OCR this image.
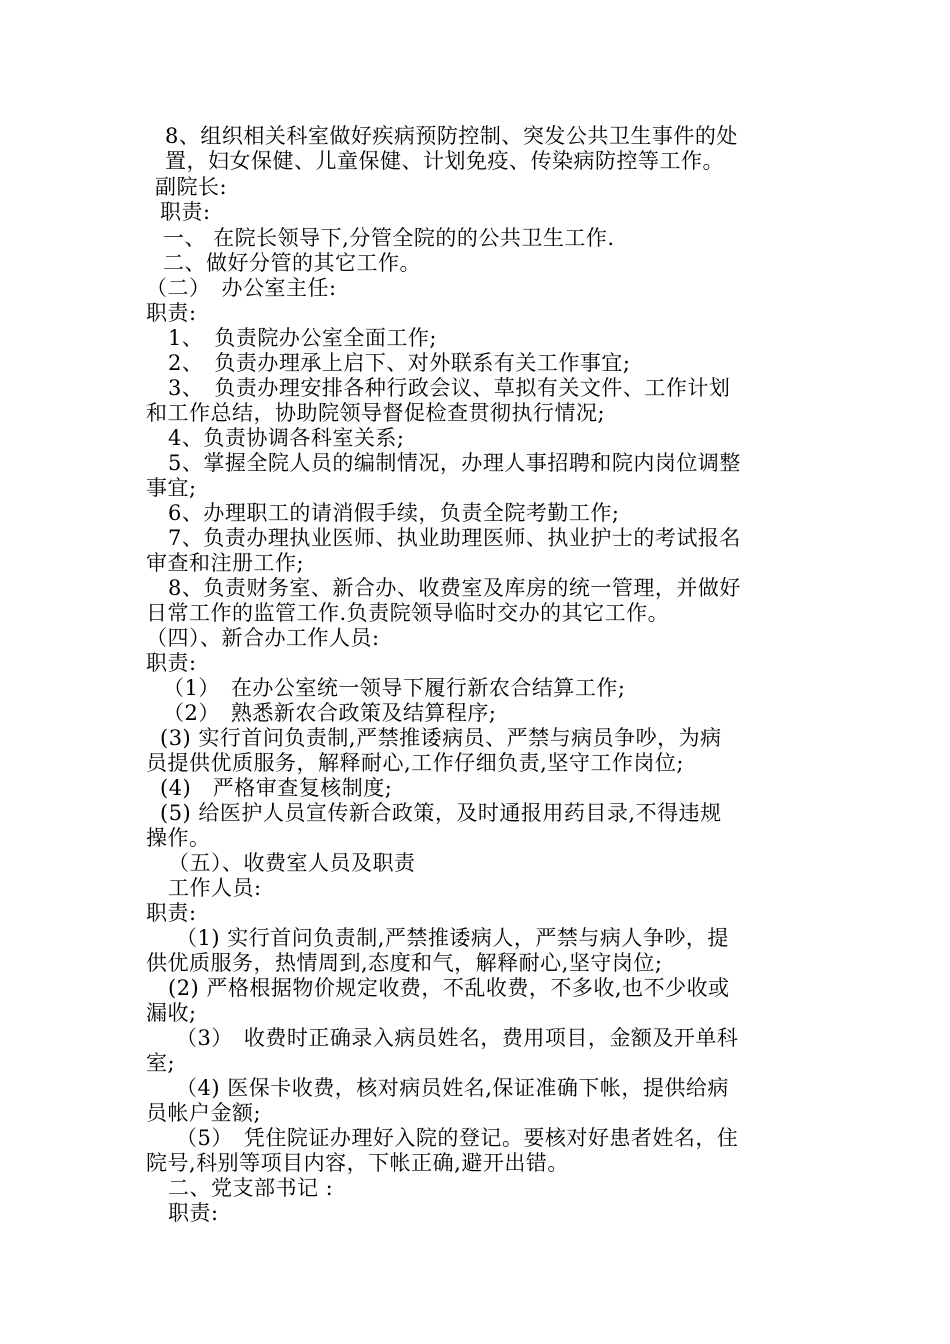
8、组织相关科室做好疾病预防控制、突发公共卫生事件的处
置，妇女保健、儿童保健、计划免疫、传染病防控等工作。
副院长:
职责:
一、 在院长领导下,分管全院的的公共卫生工作.
二、做好分管的其它工作。
（二）　办公室主任:
职责:
1、　负责院办公室全面工作;
2、　负责办理承上启下、对外联系有关工作事宜;
3、　负责办理安排各种行政会议、草拟有关文件、工作计划
和工作总结，协助院领导督促检查贯彻执行情况;
4、负责协调各科室关系;
5、掌握全院人员的编制情况，办理人事招聘和院内岗位调整
事宜;
6、办理职工的请消假手续，负责全院考勤工作;
7、负责办理执业医师、执业助理医师、执业护士的考试报名
审查和注册工作;
8、负责财务室、新合办、收费室及库房的统一管理，并做好
日常工作的监管工作.负责院领导临时交办的其它工作。
（四）、新合办工作人员:
职责:
（1）　在办公室统一领导下履行新农合结算工作;
（2）　熟悉新农合政策及结算程序;
(3) 实行首问负责制,严禁推诿病员、严禁与病员争吵，为病
员提供优质服务，解释耐心,工作仔细负责,坚守工作岗位;
(4)　严格审查复核制度;
(5) 给医护人员宣传新合政策，及时通报用药目录,不得违规
操作。
（五）、收费室人员及职责
工作人员:
职责:
（1) 实行首问负责制,严禁推诿病人，严禁与病人争吵，提
供优质服务，热情周到,态度和气，解释耐心,坚守岗位;
(2) 严格根据物价规定收费，不乱收费，不多收,也不少收或
漏收;
（3）　收费时正确录入病员姓名，费用项目，金额及开单科
室;
（4) 医保卡收费，核对病员姓名,保证准确下帐，提供给病
员帐户金额;
（5）　凭住院证办理好入院的登记。要核对好患者姓名，住
院号,科别等项目内容，下帐正确,避开出错。
二、党支部书记 :
职责:
